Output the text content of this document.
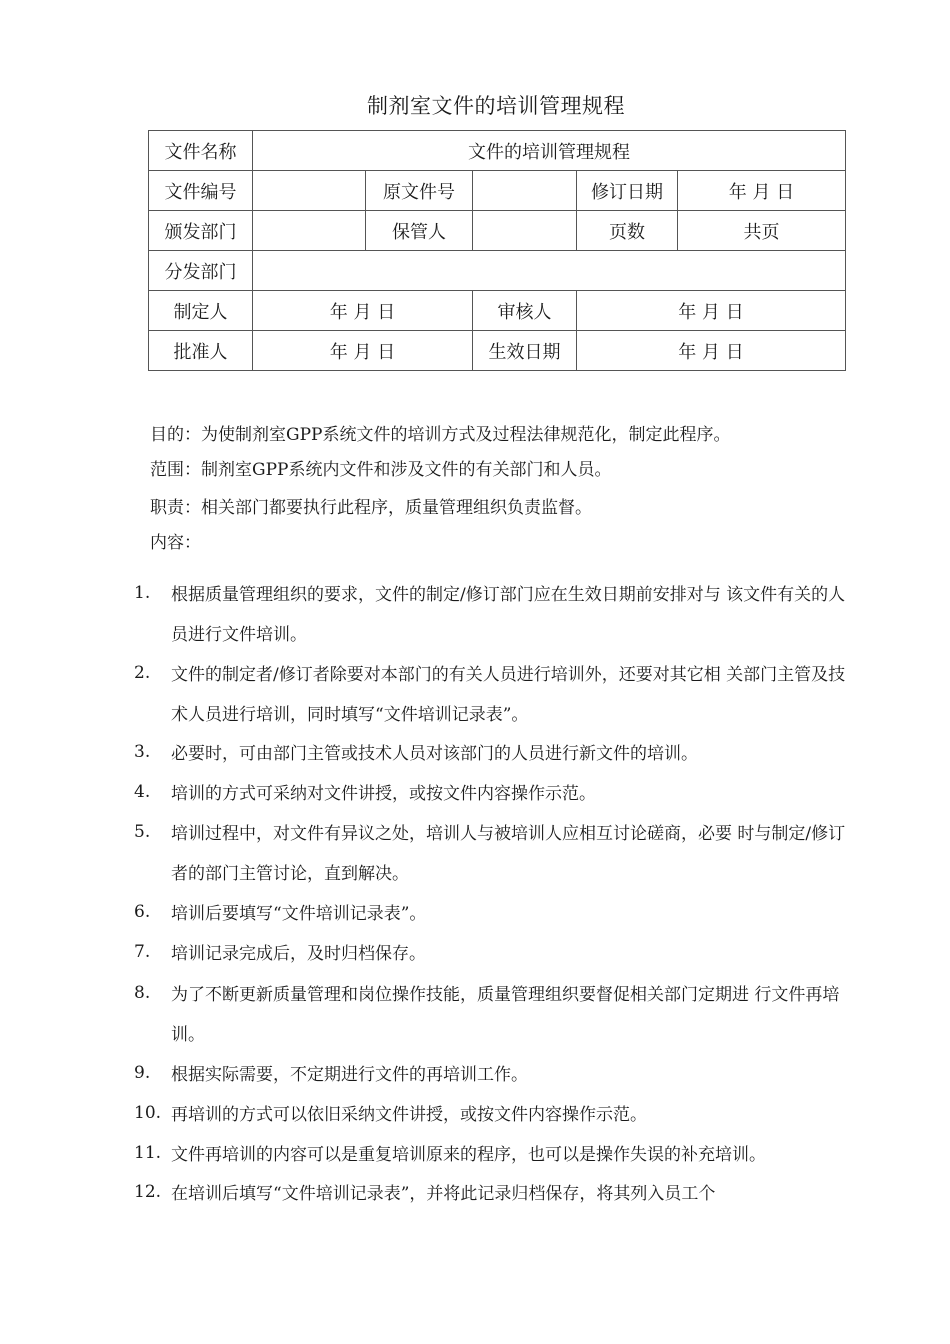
制剂室文件的培训管理规程
文件名称	文件的培训管理规程				
文件编号		原文件号		修订日期	年 月 日
颁发部门		保管人		页数	共页
分发部门					
制定人	年 月 日		审核人	年 月 日	
批准人	年 月 日		生效日期	年 月 日	
目的：为使制剂室GPP系统文件的培训方式及过程法律规范化，制定此程序。
范围：制剂室GPP系统内文件和涉及文件的有关部门和人员。
职责：相关部门都要执行此程序，质量管理组织负责监督。
内容：
1.	根据质量管理组织的要求，文件的制定/修订部门应在生效日期前安排对与 该文件有关的人员进行文件培训。
2.	文件的制定者/修订者除要对本部门的有关人员进行培训外，还要对其它相 关部门主管及技术人员进行培训，同时填写“文件培训记录表”。
3.	必要时，可由部门主管或技术人员对该部门的人员进行新文件的培训。
4.	培训的方式可采纳对文件讲授，或按文件内容操作示范。
5.	培训过程中，对文件有异议之处，培训人与被培训人应相互讨论磋商，必要 时与制定/修订者的部门主管讨论，直到解决。
6.	培训后要填写“文件培训记录表”。
7.	培训记录完成后，及时归档保存。
8.	为了不断更新质量管理和岗位操作技能，质量管理组织要督促相关部门定期进 行文件再培训。
9.	根据实际需要，不定期进行文件的再培训工作。
10. 再培训的方式可以依旧采纳文件讲授，或按文件内容操作示范。
11. 文件再培训的内容可以是重复培训原来的程序，也可以是操作失误的补充培训。
12. 在培训后填写“文件培训记录表”，并将此记录归档保存，将其列入员工个
